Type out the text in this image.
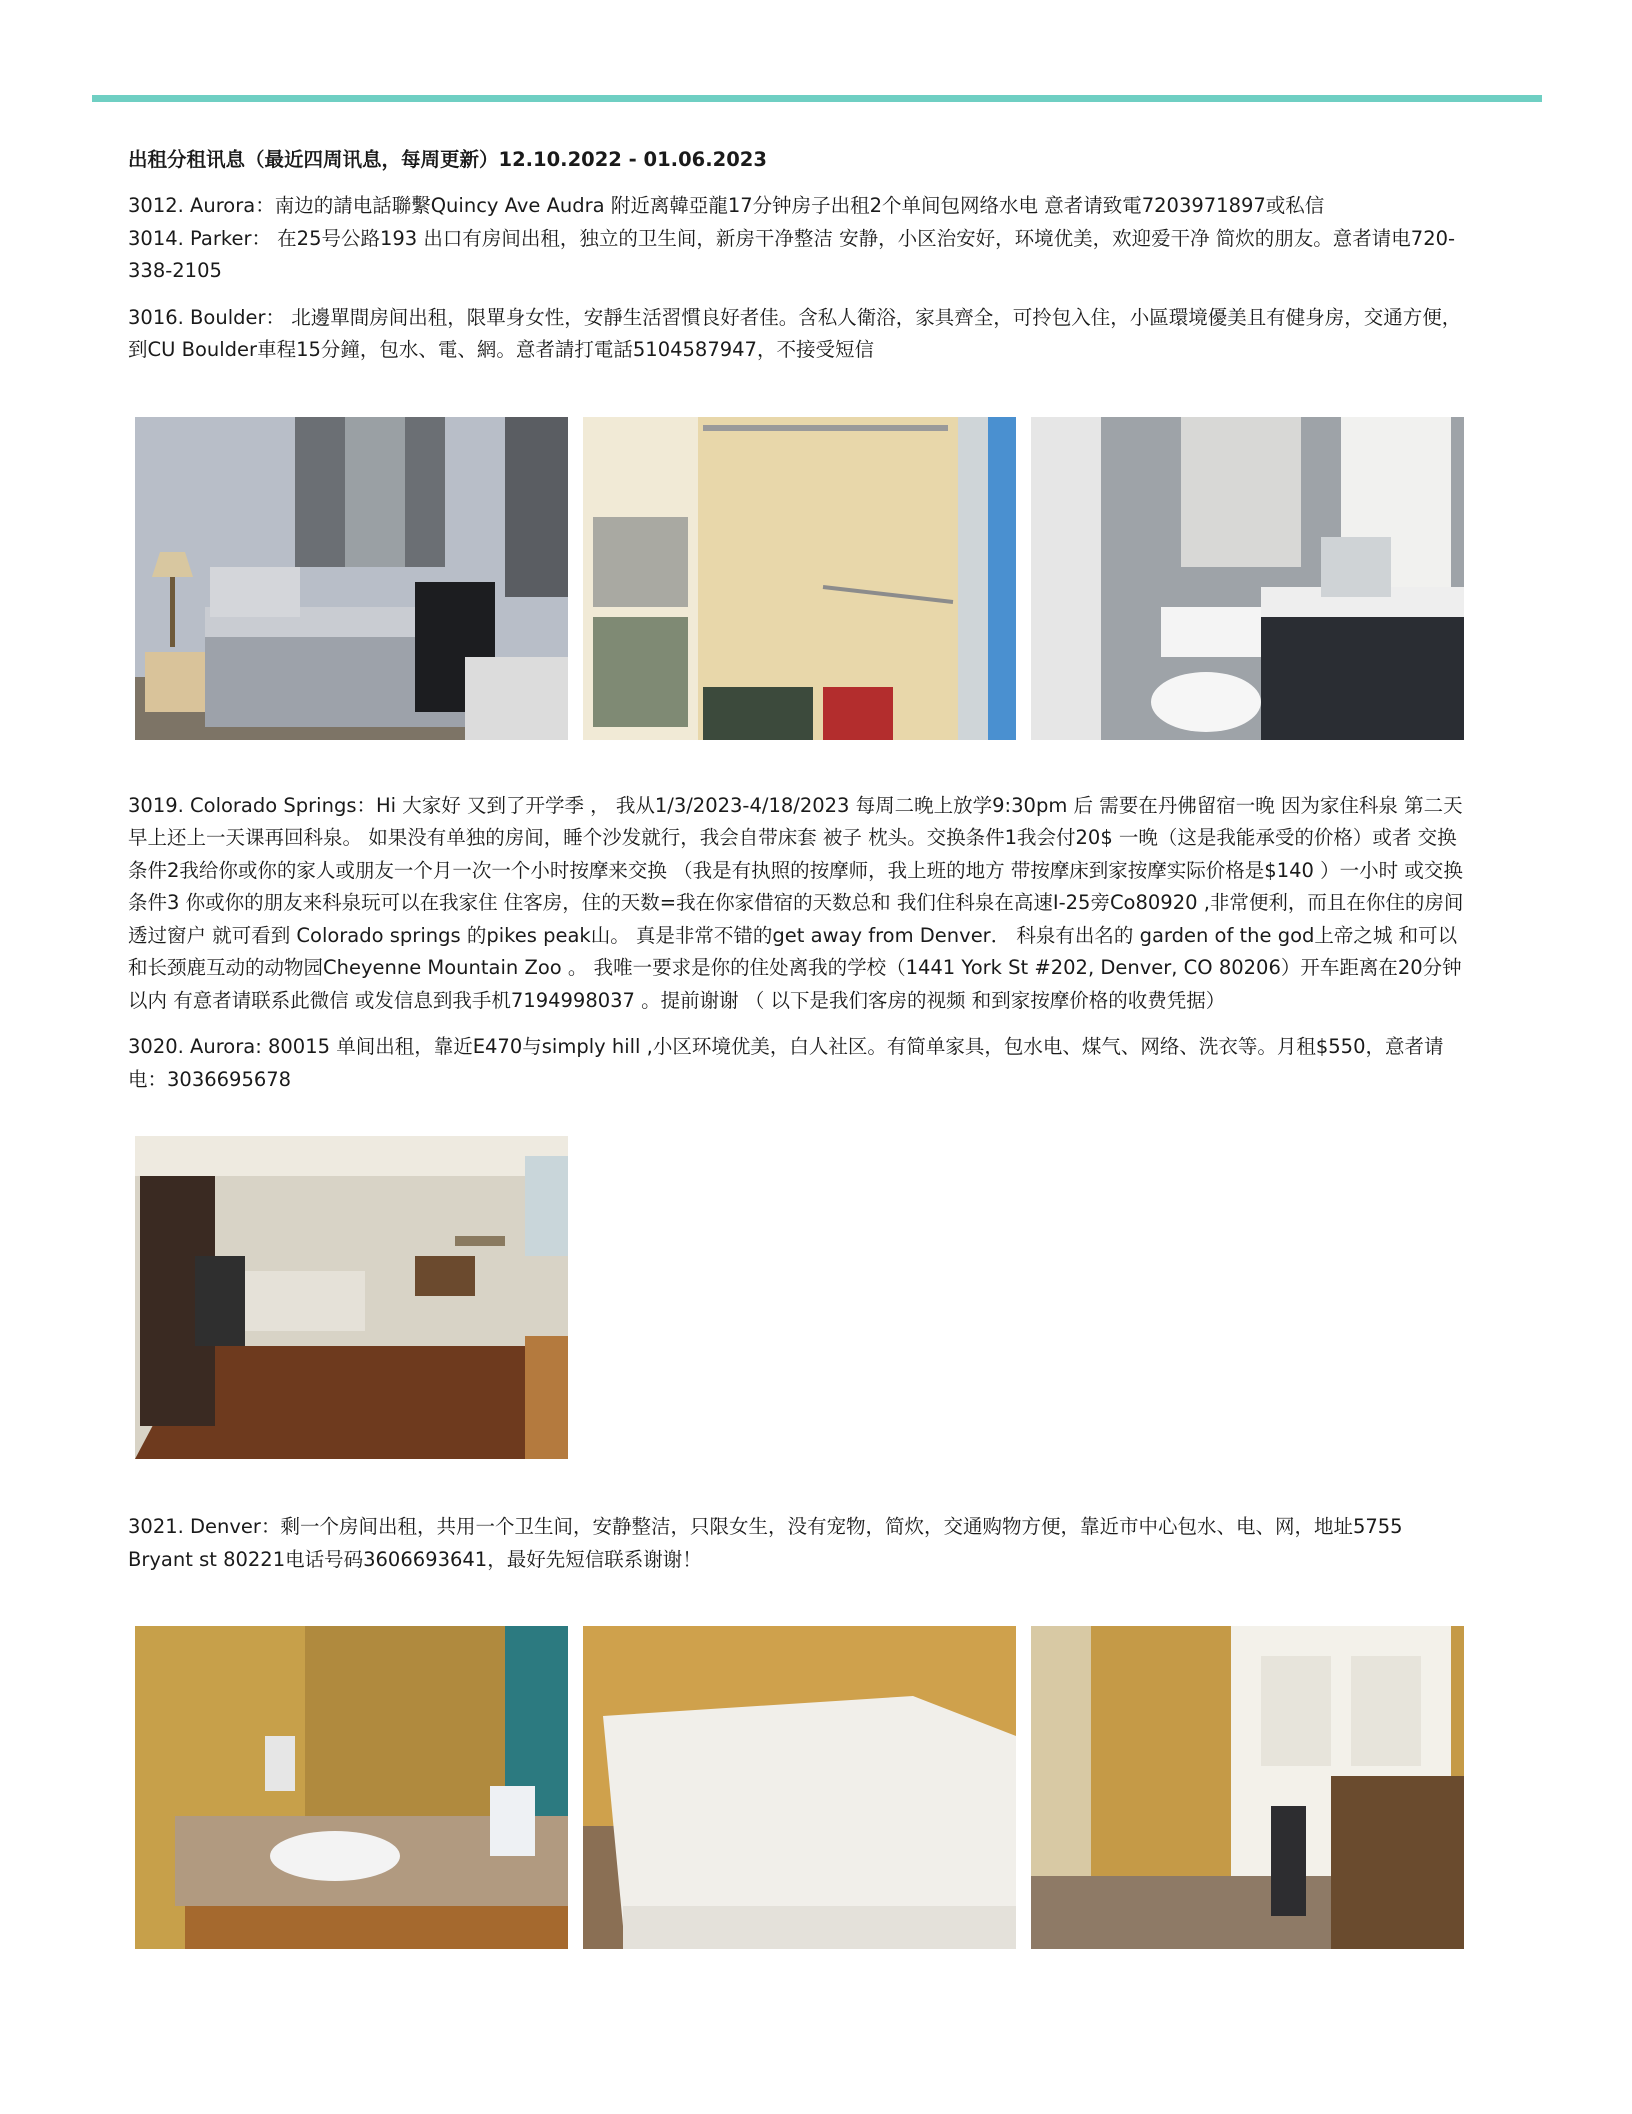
出租分租讯息（最近四周讯息，每周更新）12.10.2022 - 01.06.2023

3012. Aurora：南边的請电話聯繫Quincy Ave Audra 附近离韓亞龍17分钟房子出租2个单间包网络水电 意者请致電7203971897或私信

3014. Parker： 在25号公路193 出口有房间出租，独立的卫生间，新房干净整洁 安静，小区治安好，环境优美，欢迎爱干净 简炊的朋友。意者请电720-338-2105

3016. Boulder： 北邊單間房间出租，限單身女性，安靜生活習慣良好者佳。含私人衛浴，家具齊全，可拎包入住，小區環境優美且有健身房，交通方便，到CU Boulder車程15分鐘，包水、電、網。意者請打電話5104587947，不接受短信

3019. Colorado Springs：Hi 大家好 又到了开学季 ， 我从1/3/2023-4/18/2023 每周二晚上放学9:30pm 后 需要在丹佛留宿一晚 因为家住科泉 第二天早上还上一天课再回科泉。 如果没有单独的房间，睡个沙发就行，我会自带床套 被子 枕头。交换条件1我会付20$ 一晚（这是我能承受的价格）或者 交换条件2我给你或你的家人或朋友一个月一次一个小时按摩来交换 （我是有执照的按摩师，我上班的地方 带按摩床到家按摩实际价格是$140 ）一小时 或交换条件3 你或你的朋友来科泉玩可以在我家住 住客房，住的天数=我在你家借宿的天数总和 我们住科泉在高速I-25旁Co80920 ,非常便利，而且在你住的房间 透过窗户 就可看到 Colorado springs 的pikes peak山。 真是非常不错的get away from Denver． 科泉有出名的 garden of the god上帝之城 和可以和长颈鹿互动的动物园Cheyenne Mountain Zoo 。 我唯一要求是你的住处离我的学校（1441 York St #202, Denver, CO 80206）开车距离在20分钟以内 有意者请联系此微信 或发信息到我手机7194998037 。提前谢谢 （ 以下是我们客房的视频 和到家按摩价格的收费凭据）

3020. Aurora: 80015 单间出租，靠近E470与simply hill ,小区环境优美，白人社区。有简单家具，包水电、煤气、网络、洗衣等。月租$550，意者请电：3036695678

3021. Denver：剩一个房间出租，共用一个卫生间，安静整洁，只限女生，没有宠物，简炊，交通购物方便，靠近市中心包水、电、网，地址5755 Bryant st 80221电话号码3606693641，最好先短信联系谢谢！
